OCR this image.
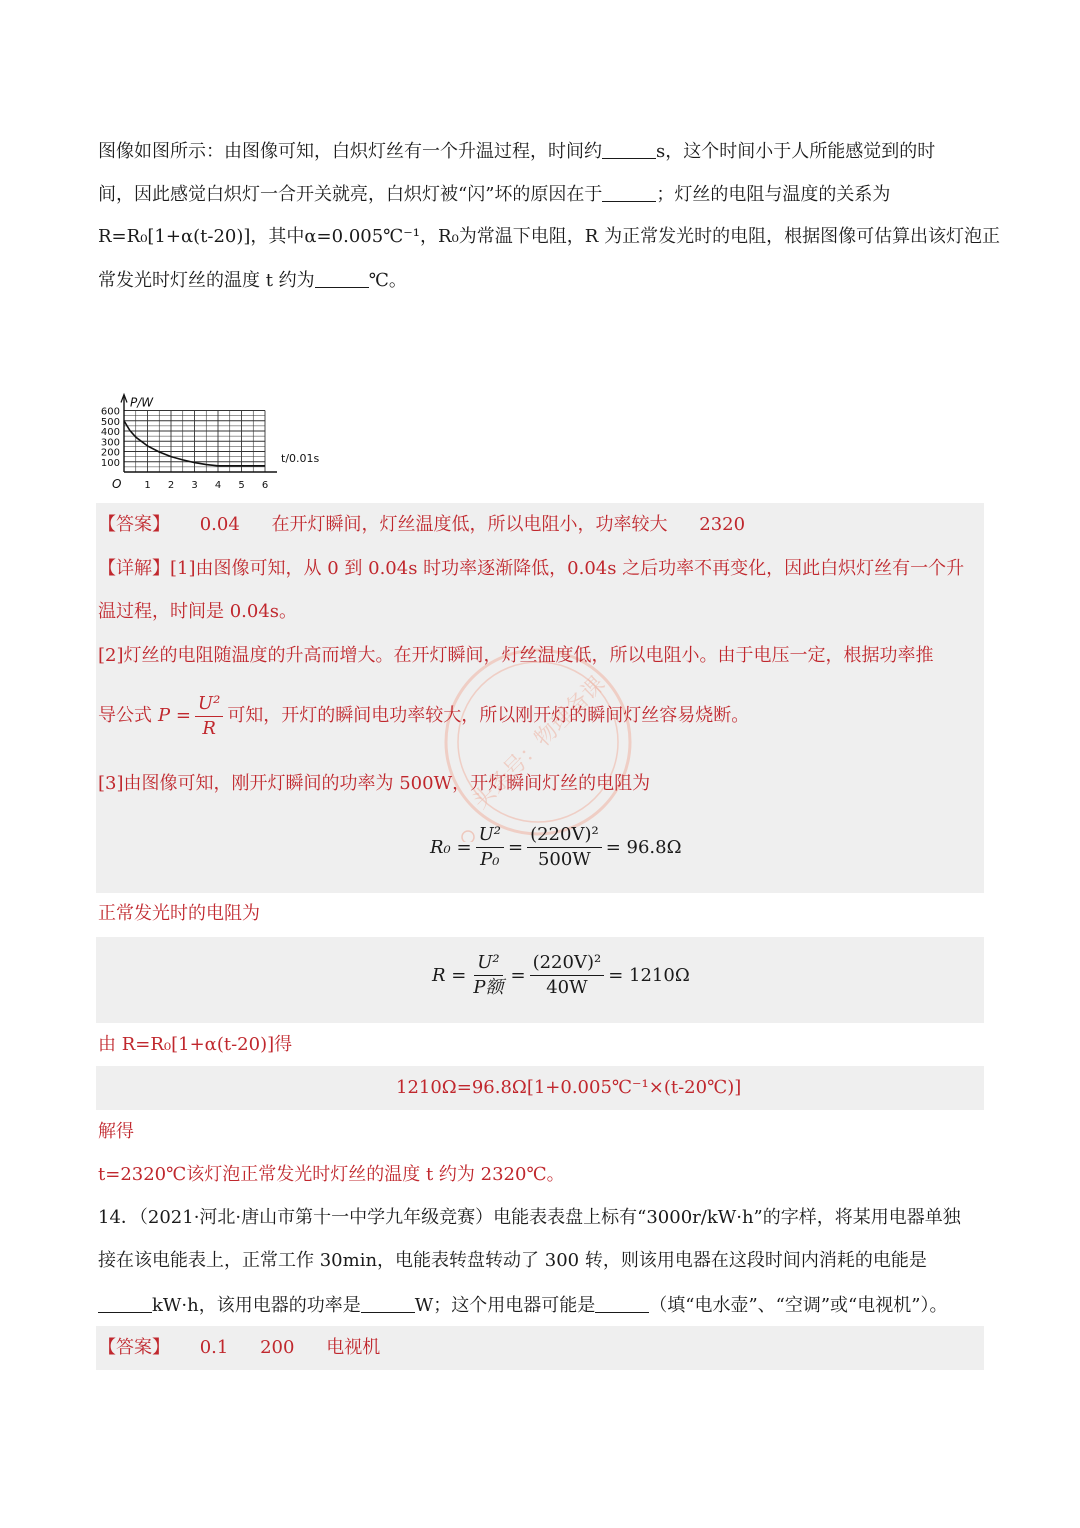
图像如图所示：由图像可知，白炽灯丝有一个升温过程，时间约	s，这个时间小于人所能感觉到的时
间，因此感觉白炽灯一合开关就亮，白炽灯被“闪”坏的原因在于	；灯丝的电阻与温度的关系为
R=R₀[1+α(t-20)]，其中α=0.005℃⁻¹，R₀为常温下电阻，R 为正常发光时的电阻，根据图像可估算出该灯泡正
常发光时灯丝的温度 t 约为	℃。
P/W
t/0.01s
O 1 2 3 4 5 6
100
200
300
400
500
600
头条号：物理备课
【答案】 0.04 在开灯瞬间，灯丝温度低，所以电阻小，功率较大 2320
【详解】[1]由图像可知，从 0 到 0.04s 时功率逐渐降低，0.04s 之后功率不再变化，因此白炽灯丝有一个升
温过程，时间是 0.04s。
[2]灯丝的电阻随温度的升高而增大。在开灯瞬间，灯丝温度低，所以电阻小。由于电压一定，根据功率推
导公式 $P = \frac{\text{U²}}{R}$ 可知，开灯的瞬间电功率较大，所以刚开灯的瞬间灯丝容易烧断。
[3]由图像可知，刚开灯瞬间的功率为 500W，开灯瞬间灯丝的电阻为
$R_0 = \frac{\text{U²}}{\text{P₀}} = \frac{\text{(220V)²}}{500W} = 96.8\Omega$
正常发光时的电阻为
$R = \frac{\text{U²}}{\text{P额}} = \frac{\text{(220V)²}}{40W} = 1210\Omega$
由 R=R₀[1+α(t-20)]得
1210Ω=96.8Ω[1+0.005℃⁻¹×(t-20℃)]
解得
t=2320℃该灯泡正常发光时灯丝的温度 t 约为 2320℃。
14．（2021·河北·唐山市第十一中学九年级竞赛）电能表表盘上标有“3000r/kW·h”的字样，将某用电器单独
接在该电能表上，正常工作 30min，电能表转盘转动了 300 转，则该用电器在这段时间内消耗的电能是
kW·h，该用电器的功率是	W；这个用电器可能是	（填“电水壶”、“空调”或“电视机”）。
【答案】 0.1 200 电视机
